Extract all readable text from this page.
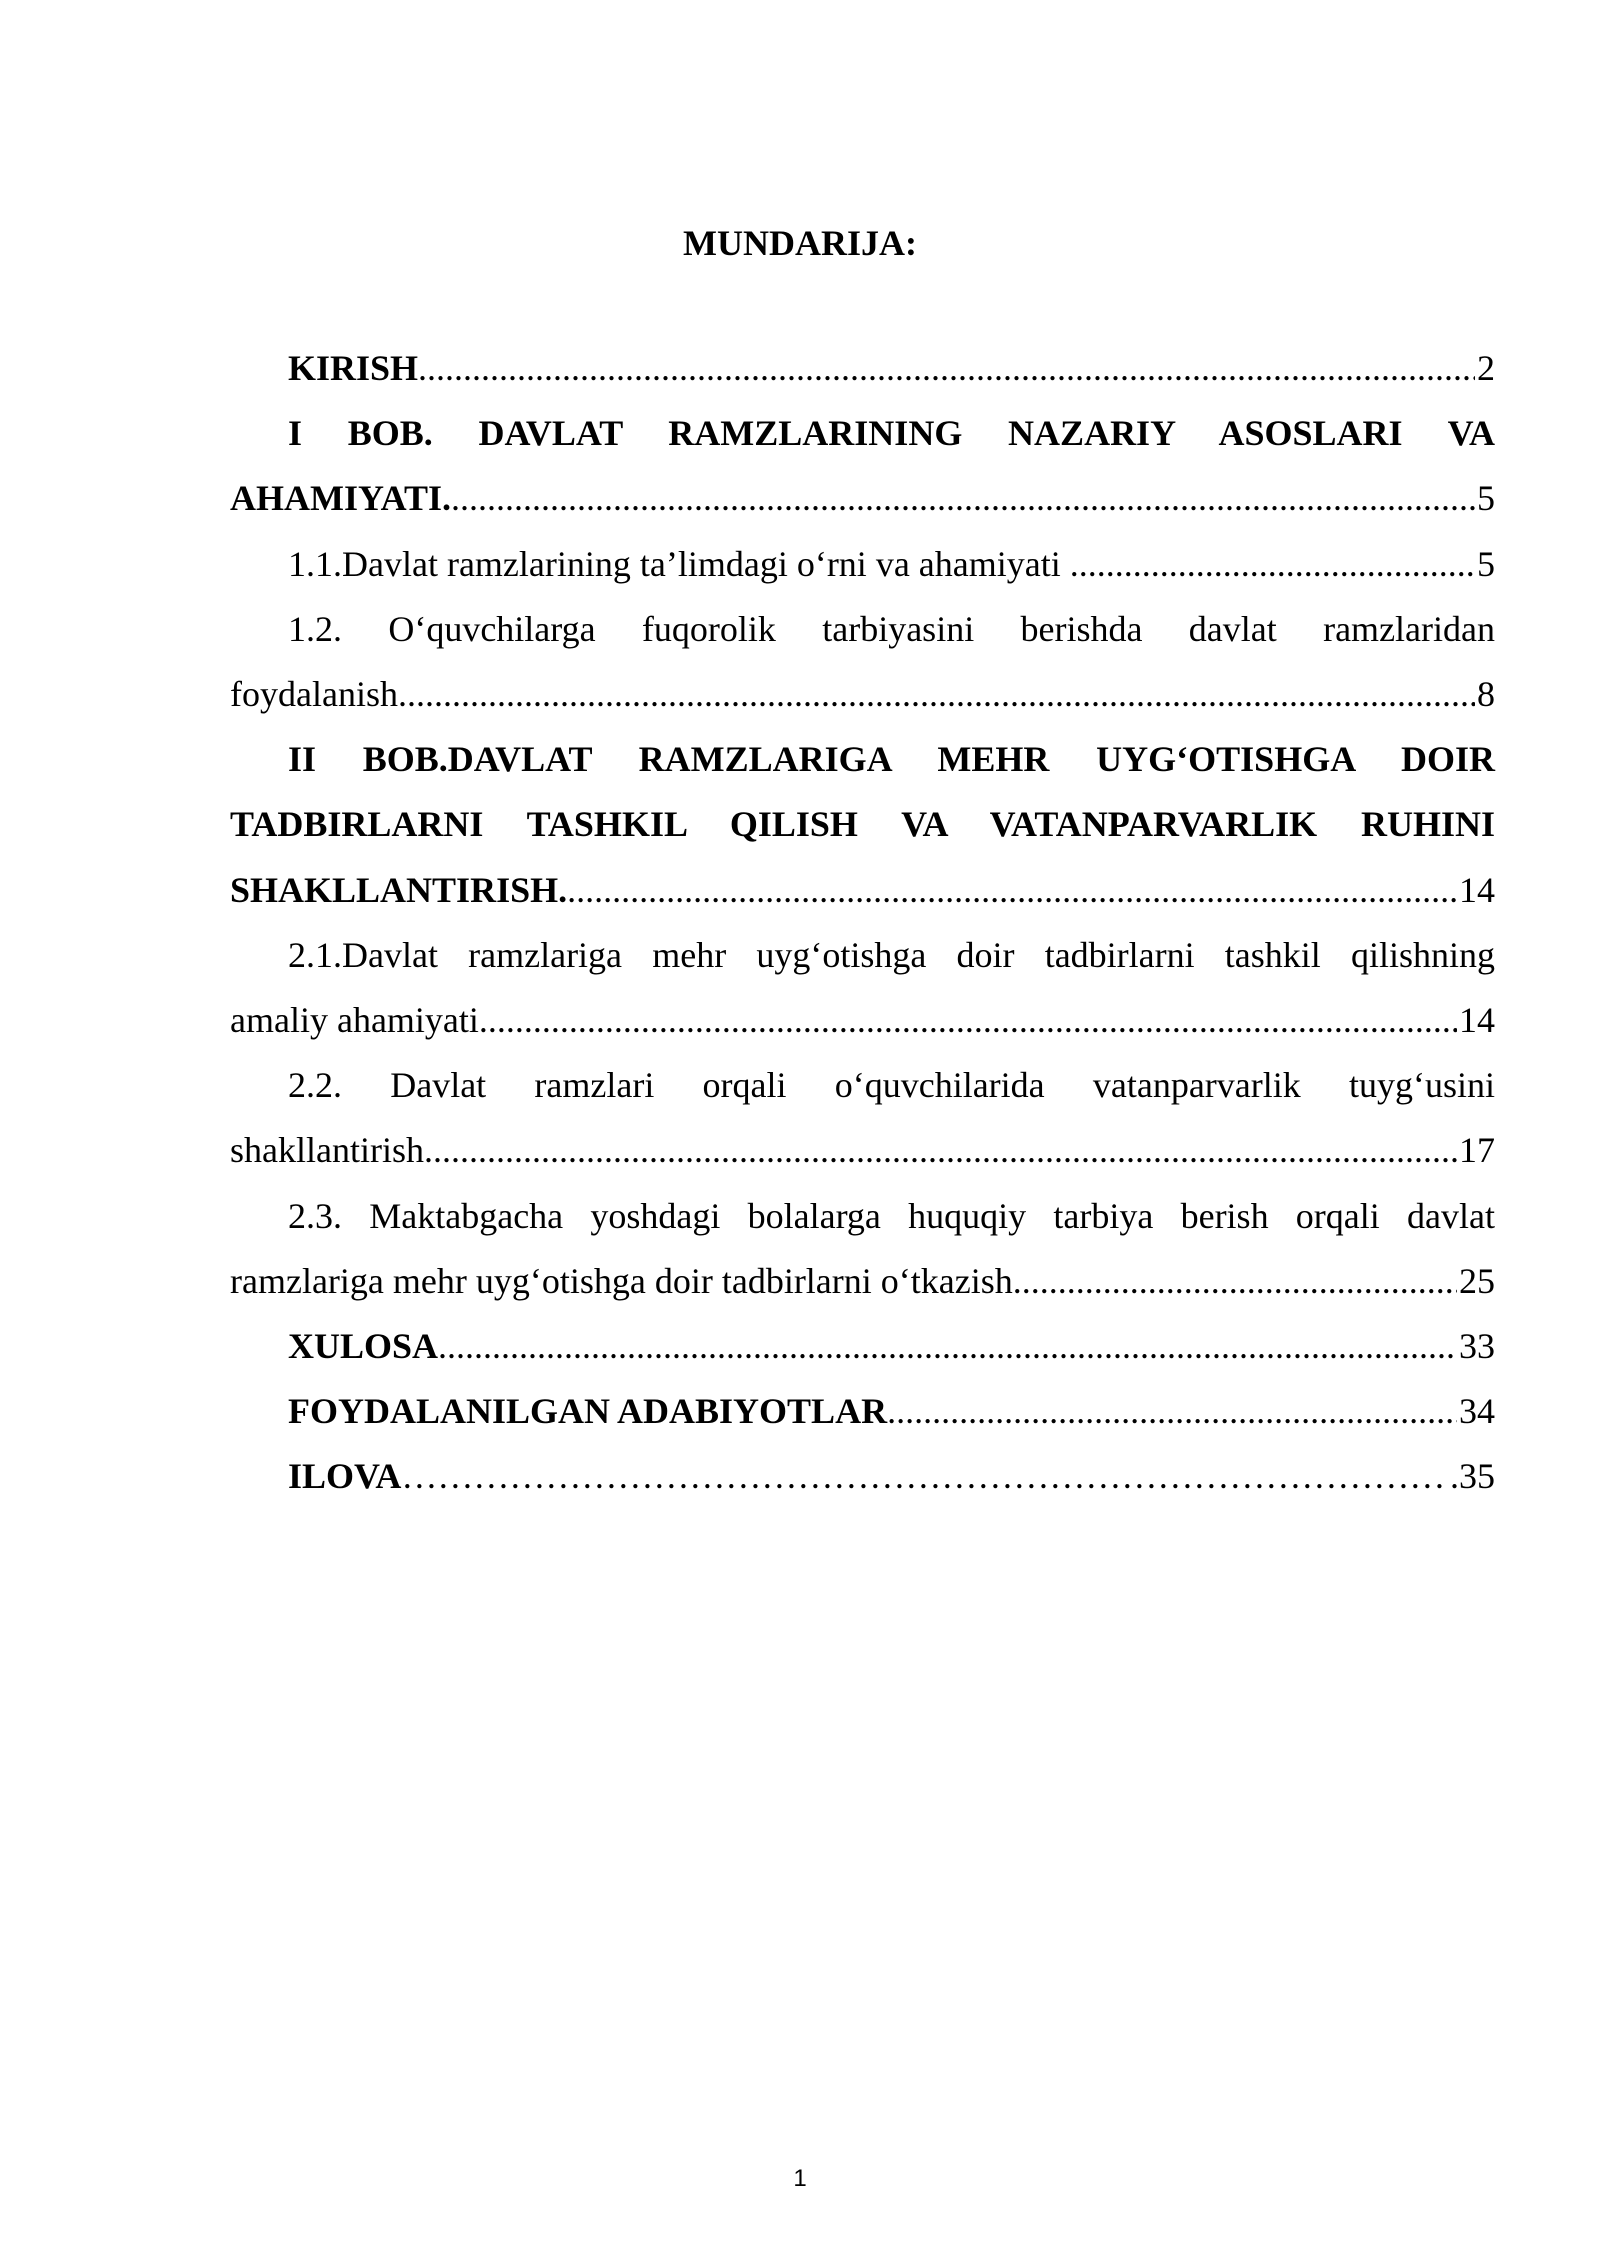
MUNDARIJA:
KIRISH .....	2
I BOB. DAVLAT RAMZLARINING NAZARIY ASOSLARI VA
AHAMIYATI. .....	5
1.1.Davlat ramzlarining ta’limdagi o‘rni va ahamiyati .....	5
1.2. O‘quvchilarga fuqorolik tarbiyasini berishda davlat ramzlaridan
foydalanish .....	8
II BOB.DAVLAT RAMZLARIGA MEHR UYG‘OTISHGA DOIR
TADBIRLARNI TASHKIL QILISH VA VATANPARVARLIK RUHINI
SHAKLLANTIRISH. .....	14
2.1.Davlat ramzlariga mehr uyg‘otishga doir tadbirlarni tashkil qilishning
amaliy ahamiyati .....	14
2.2. Davlat ramzlari orqali o‘quvchilarida vatanparvarlik tuyg‘usini
shakllantirish .....	17
2.3. Maktabgacha yoshdagi bolalarga huquqiy tarbiya berish orqali davlat
ramzlariga mehr uyg‘otishga doir tadbirlarni o‘tkazish .....	25
XULOSA .....	33
FOYDALANILGAN ADABIYOTLAR .....	34
ILOVA ………………………………………………………………………………………………………………………………………………………………………………………………………………………………………………………	.35
1
